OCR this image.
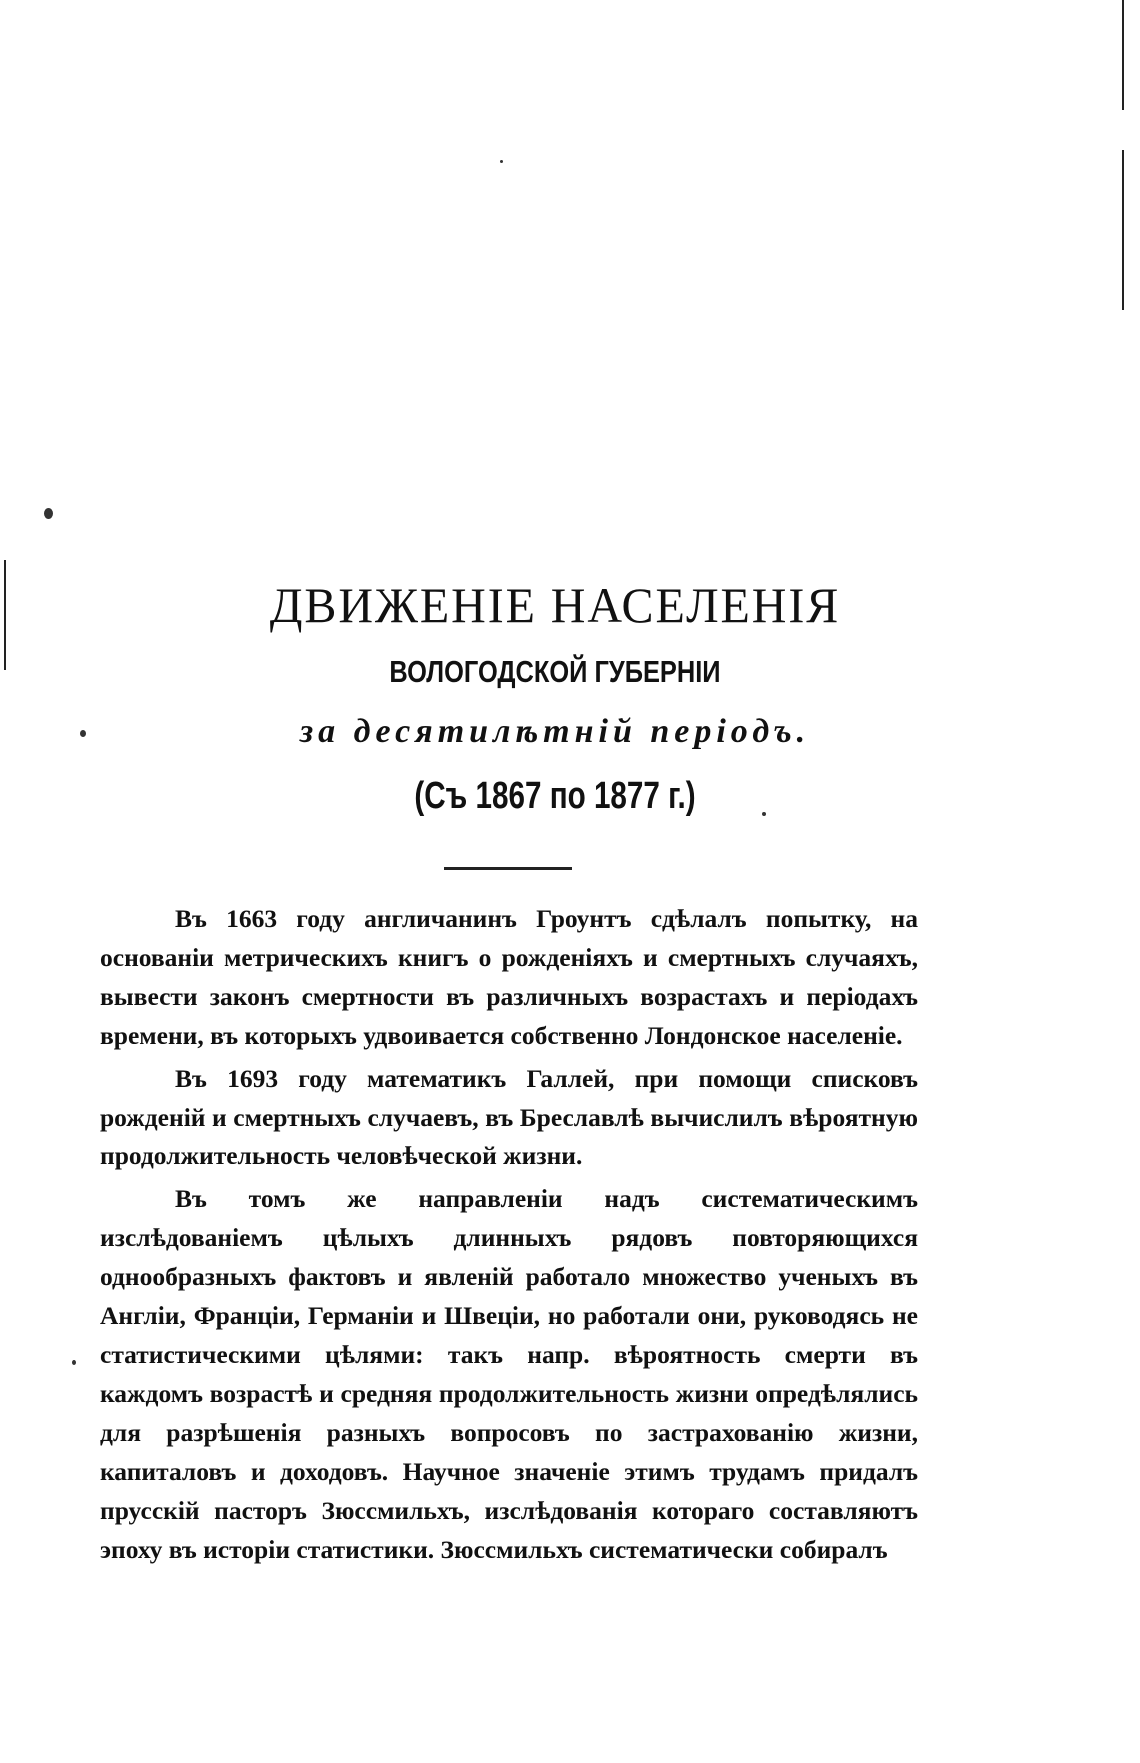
ДВИЖЕНІЕ НАСЕЛЕНІЯ
ВОЛОГОДСКОЙ ГУБЕРНІИ
за десятилѣтній періодъ.
(Съ 1867 по 1877 г.)

Въ 1663 году англичанинъ Гроунтъ сдѣлалъ попытку, на основаніи метрическихъ книгъ о рожденіяхъ и смертныхъ случаяхъ, вывести законъ смертности въ различныхъ возрастахъ и періодахъ времени, въ которыхъ удвоивается собственно Лондонское населеніе.

Въ 1693 году математикъ Галлей, при помощи списковъ рожденій и смертныхъ случаевъ, въ Бреславлѣ вычислилъ вѣроятную продолжительность человѣческой жизни.

Въ томъ же направленіи надъ систематическимъ изслѣдованіемъ цѣлыхъ длинныхъ рядовъ повторяющихся однообразныхъ фактовъ и явленій работало множество ученыхъ въ Англіи, Франціи, Германіи и Швеціи, но работали они, руководясь не статистическими цѣлями: такъ напр. вѣроятность смерти въ каждомъ возрастѣ и средняя продолжительность жизни опредѣлялись для разрѣшенія разныхъ вопросовъ по застрахованію жизни, капиталовъ и доходовъ. Научное значеніе этимъ трудамъ придалъ прусскій пасторъ Зюссмильхъ, изслѣдованія котораго составляютъ эпоху въ исторіи статистики. Зюссмильхъ систематически собиралъ
